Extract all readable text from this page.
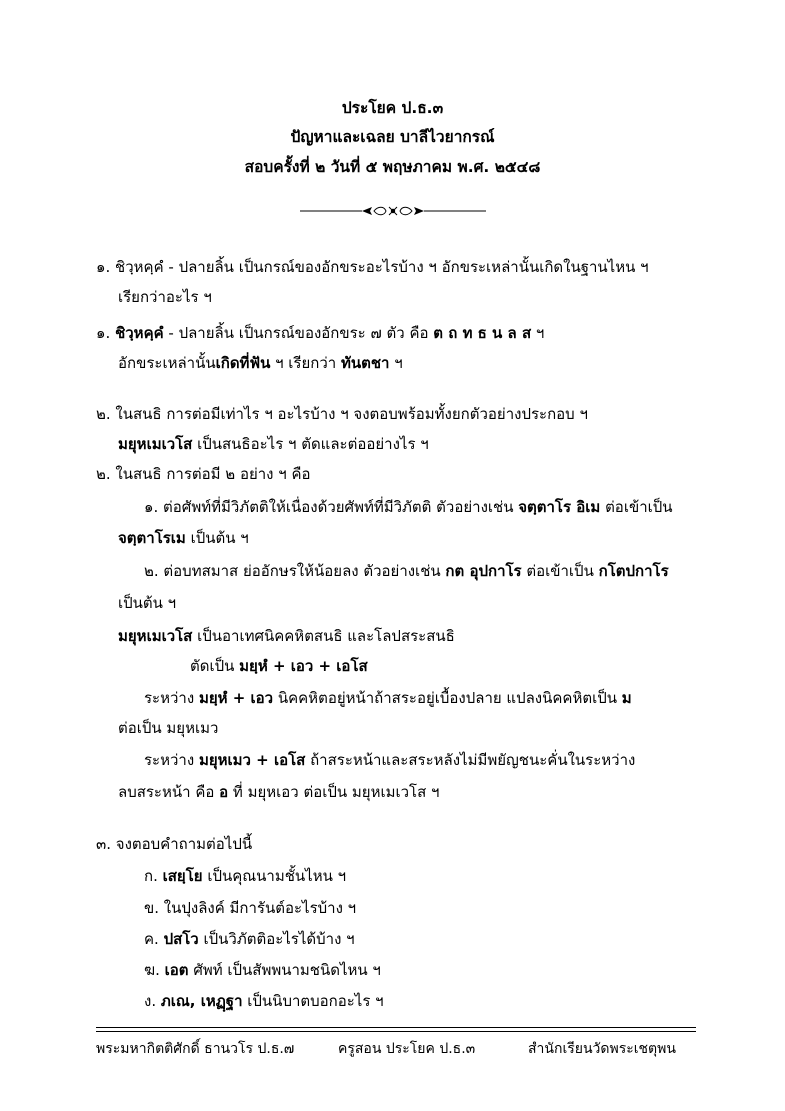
ประโยค ป.ธ.๓
ปัญหาและเฉลย บาลีไวยากรณ์
สอบครั้งที่ ๒ วันที่ ๕ พฤษภาคม พ.ศ. ๒๕๔๘
๑. ชิวฺหคฺคํ - ปลายลิ้น เป็นกรณ์ของอักขระอะไรบ้าง ฯ อักขระเหล่านั้นเกิดในฐานไหน ฯ
เรียกว่าอะไร ฯ
๑. ชิวฺหคฺคํ - ปลายลิ้น เป็นกรณ์ของอักขระ ๗ ตัว คือ ต ถ ท ธ น ล ส ฯ
อักขระเหล่านั้นเกิดที่ฟัน ฯ เรียกว่า ทันตชา ฯ
๒. ในสนธิ การต่อมีเท่าไร ฯ อะไรบ้าง ฯ จงตอบพร้อมทั้งยกตัวอย่างประกอบ ฯ
มยุหเมเวโส เป็นสนธิอะไร ฯ ตัดและต่ออย่างไร ฯ
๒. ในสนธิ การต่อมี ๒ อย่าง ฯ คือ
๑. ต่อศัพท์ที่มีวิภัตติให้เนื่องด้วยศัพท์ที่มีวิภัตติ ตัวอย่างเช่น จตฺตาโร อิเม ต่อเข้าเป็น
จตฺตาโรเม เป็นต้น ฯ
๒. ต่อบทสมาส ย่ออักษรให้น้อยลง ตัวอย่างเช่น กต อุปกาโร ต่อเข้าเป็น กโตปกาโร
เป็นต้น ฯ
มยุหเมเวโส เป็นอาเทศนิคคหิตสนธิ และโลปสระสนธิ
ตัดเป็น มยฺหํ + เอว + เอโส
ระหว่าง มยฺหํ + เอว นิคคหิตอยู่หน้าถ้าสระอยู่เบื้องปลาย แปลงนิคคหิตเป็น ม
ต่อเป็น มยุหเมว
ระหว่าง มยุหเมว + เอโส ถ้าสระหน้าและสระหลังไม่มีพยัญชนะคั่นในระหว่าง
ลบสระหน้า คือ อ ที่ มยุหเอว ต่อเป็น มยุหเมเวโส ฯ
๓. จงตอบคำถามต่อไปนี้
ก. เสยฺโย เป็นคุณนามชั้นไหน ฯ
ข. ในปุงลิงค์ มีการันต์อะไรบ้าง ฯ
ค. ปสโว เป็นวิภัตติอะไรได้บ้าง ฯ
ฆ. เอต ศัพท์ เป็นสัพพนามชนิดไหน ฯ
ง. ภเณ, เหฏฺฐา เป็นนิบาตบอกอะไร ฯ
พระมหากิตติศักดิ์ ธานวโร ป.ธ.๗	ครูสอน ประโยค ป.ธ.๓	สำนักเรียนวัดพระเชตุพน
